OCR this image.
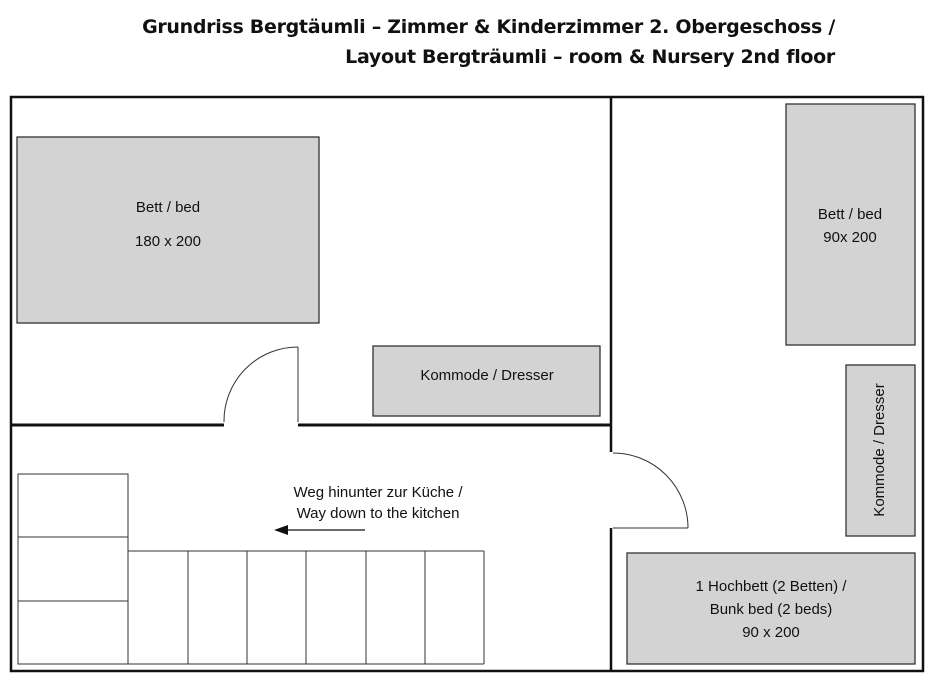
Grundriss Bergtäumli – Zimmer & Kinderzimmer 2. Obergeschoss /
Layout Bergträumli – room & Nursery 2nd floor
Bett / bed
180 x 200
Kommode / Dresser
Bett / bed
90x 200
Kommode / Dresser
1 Hochbett (2 Betten) /
Bunk bed (2 beds)
90 x 200
Weg hinunter zur Küche /
Way down to the kitchen
